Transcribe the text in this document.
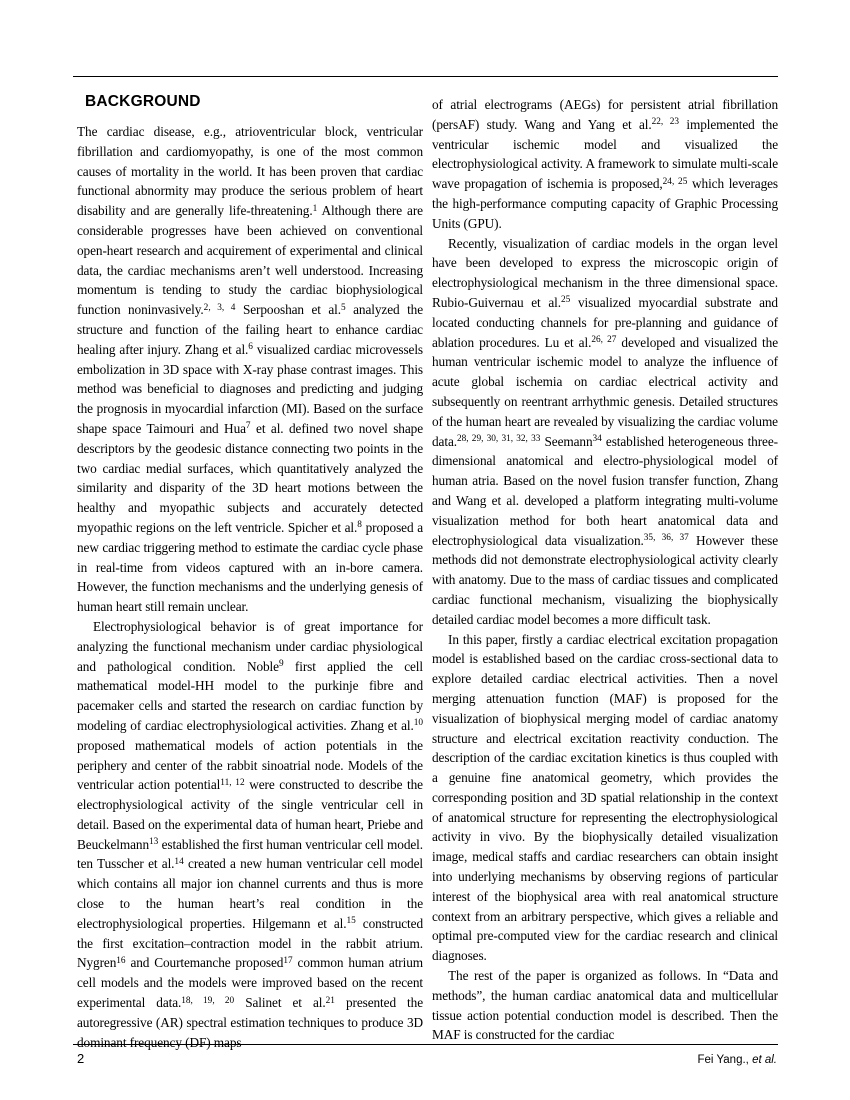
BACKGROUND

The cardiac disease, e.g., atrioventricular block, ventricular fibrillation and cardiomyopathy, is one of the most common causes of mortality in the world. It has been proven that cardiac functional abnormity may produce the serious problem of heart disability and are generally life-threatening.$^1$ Although there are considerable progresses have been achieved on conventional open-heart research and acquirement of experimental and clinical data, the cardiac mechanisms aren’t well understood. Increasing momentum is tending to study the cardiac biophysiological function noninvasively.$^{2, 3, 4}$ Serpooshan et al.$^5$ analyzed the structure and function of the failing heart to enhance cardiac healing after injury. Zhang et al.$^6$ visualized cardiac microvessels embolization in 3D space with X-ray phase contrast images. This method was beneficial to diagnoses and predicting and judging the prognosis in myocardial infarction (MI). Based on the surface shape space Taimouri and Hua$^7$ et al. defined two novel shape descriptors by the geodesic distance connecting two points in the two cardiac medial surfaces, which quantitatively analyzed the similarity and disparity of the 3D heart motions between the healthy and myopathic subjects and accurately detected myopathic regions on the left ventricle. Spicher et al.$^8$ proposed a new cardiac triggering method to estimate the cardiac cycle phase in real-time from videos captured with an in-bore camera. However, the function mechanisms and the underlying genesis of human heart still remain unclear.

Electrophysiological behavior is of great importance for analyzing the functional mechanism under cardiac physiological and pathological condition. Noble$^9$ first applied the cell mathematical model-HH model to the purkinje fibre and pacemaker cells and started the research on cardiac function by modeling of cardiac electrophysiological activities. Zhang et al.$^{10}$ proposed mathematical models of action potentials in the periphery and center of the rabbit sinoatrial node. Models of the ventricular action potential$^{11, 12}$ were constructed to describe the electrophysiological activity of the single ventricular cell in detail. Based on the experimental data of human heart, Priebe and Beuckelmann$^{13}$ established the first human ventricular cell model. ten Tusscher et al.$^{14}$ created a new human ventricular cell model which contains all major ion channel currents and thus is more close to the human heart’s real condition in the electrophysiological properties. Hilgemann et al.$^{15}$ constructed the first excitation–contraction model in the rabbit atrium. Nygren$^{16}$ and Courtemanche proposed$^{17}$ common human atrium cell models and the models were improved based on the recent experimental data.$^{18, 19, 20}$ Salinet et al.$^{21}$ presented the autoregressive (AR) spectral estimation techniques to produce 3D dominant frequency (DF) maps

of atrial electrograms (AEGs) for persistent atrial fibrillation (persAF) study. Wang and Yang et al.$^{22, 23}$ implemented the ventricular ischemic model and visualized the electrophysiological activity. A framework to simulate multi-scale wave propagation of ischemia is proposed,$^{24, 25}$ which leverages the high-performance computing capacity of Graphic Processing Units (GPU).

Recently, visualization of cardiac models in the organ level have been developed to express the microscopic origin of electrophysiological mechanism in the three dimensional space. Rubio-Guivernau et al.$^{25}$ visualized myocardial substrate and located conducting channels for pre-planning and guidance of ablation procedures. Lu et al.$^{26, 27}$ developed and visualized the human ventricular ischemic model to analyze the influence of acute global ischemia on cardiac electrical activity and subsequently on reentrant arrhythmic genesis. Detailed structures of the human heart are revealed by visualizing the cardiac volume data.$^{28, 29, 30, 31, 32, 33}$ Seemann$^{34}$ established heterogeneous three-dimensional anatomical and electro-physiological model of human atria. Based on the novel fusion transfer function, Zhang and Wang et al. developed a platform integrating multi-volume visualization method for both heart anatomical data and electrophysiological data visualization.$^{35, 36, 37}$ However these methods did not demonstrate electrophysiological activity clearly with anatomy. Due to the mass of cardiac tissues and complicated cardiac functional mechanism, visualizing the biophysically detailed cardiac model becomes a more difficult task.

In this paper, firstly a cardiac electrical excitation propagation model is established based on the cardiac cross-sectional data to explore detailed cardiac electrical activities. Then a novel merging attenuation function (MAF) is proposed for the visualization of biophysical merging model of cardiac anatomy structure and electrical excitation reactivity conduction. The description of the cardiac excitation kinetics is thus coupled with a genuine fine anatomical geometry, which provides the corresponding position and 3D spatial relationship in the context of anatomical structure for representing the electrophysiological activity in vivo. By the biophysically detailed visualization image, medical staffs and cardiac researchers can obtain insight into underlying mechanisms by observing regions of particular interest of the biophysical area with real anatomical structure context from an arbitrary perspective, which gives a reliable and optimal pre-computed view for the cardiac research and clinical diagnoses.

The rest of the paper is organized as follows. In “Data and methods”, the human cardiac anatomical data and multicellular tissue action potential conduction model is described. Then the MAF is constructed for the cardiac

2	Fei Yang., et al.
